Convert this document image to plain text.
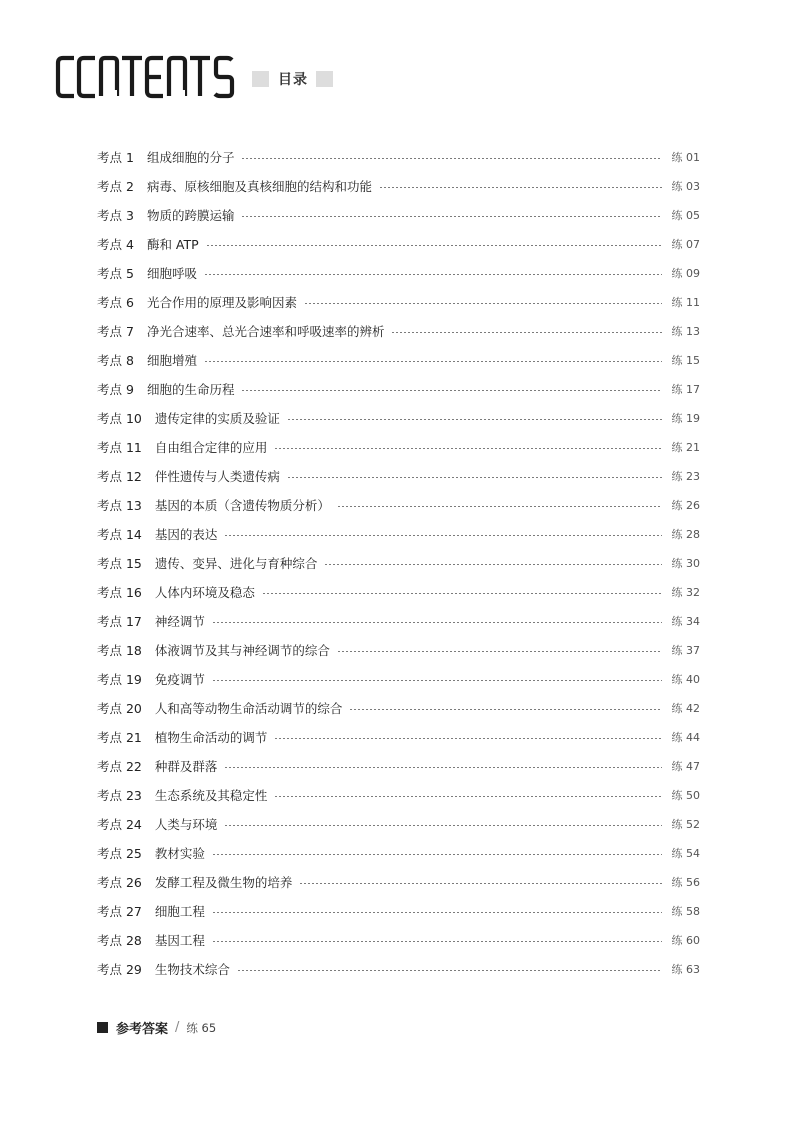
目录
考点 1 组成细胞的分子	练 01
考点 2 病毒、原核细胞及真核细胞的结构和功能	练 03
考点 3 物质的跨膜运输	练 05
考点 4 酶和 ATP	练 07
考点 5 细胞呼吸	练 09
考点 6 光合作用的原理及影响因素	练 11
考点 7 净光合速率、总光合速率和呼吸速率的辨析	练 13
考点 8 细胞增殖	练 15
考点 9 细胞的生命历程	练 17
考点 10 遗传定律的实质及验证	练 19
考点 11 自由组合定律的应用	练 21
考点 12 伴性遗传与人类遗传病	练 23
考点 13 基因的本质（含遗传物质分析）	练 26
考点 14 基因的表达	练 28
考点 15 遗传、变异、进化与育种综合	练 30
考点 16 人体内环境及稳态	练 32
考点 17 神经调节	练 34
考点 18 体液调节及其与神经调节的综合	练 37
考点 19 免疫调节	练 40
考点 20 人和高等动物生命活动调节的综合	练 42
考点 21 植物生命活动的调节	练 44
考点 22 种群及群落	练 47
考点 23 生态系统及其稳定性	练 50
考点 24 人类与环境	练 52
考点 25 教材实验	练 54
考点 26 发酵工程及微生物的培养	练 56
考点 27 细胞工程	练 58
考点 28 基因工程	练 60
考点 29 生物技术综合	练 63
参考答案 / 练 65
